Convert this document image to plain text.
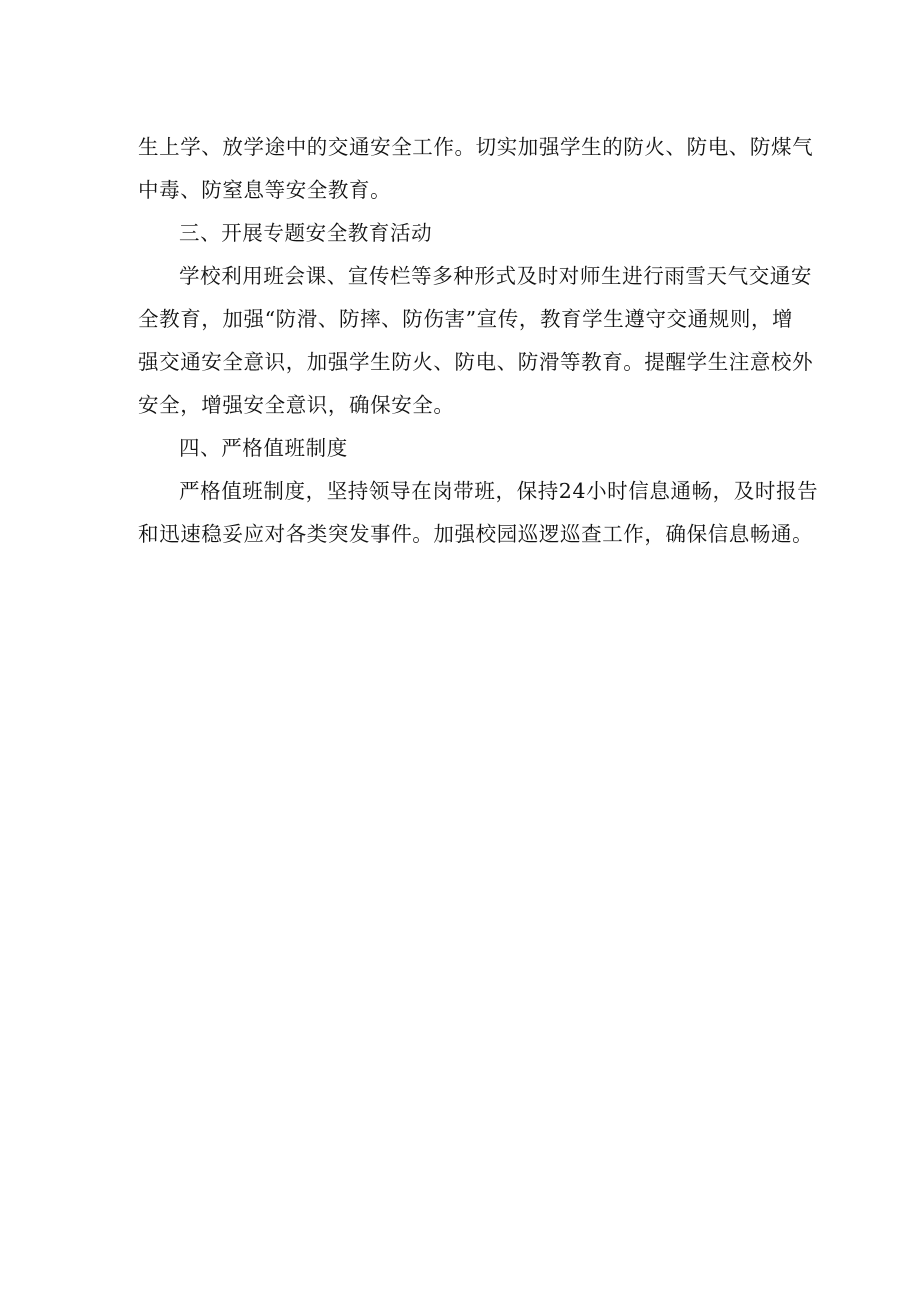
生上学、放学途中的交通安全工作。切实加强学生的防火、防电、防煤气
中毒、防窒息等安全教育。
三、开展专题安全教育活动
学校利用班会课、宣传栏等多种形式及时对师生进行雨雪天气交通安
全教育，加强“防滑、防摔、防伤害”宣传，教育学生遵守交通规则，增
强交通安全意识，加强学生防火、防电、防滑等教育。提醒学生注意校外
安全，增强安全意识，确保安全。
四、严格值班制度
严格值班制度，坚持领导在岗带班，保持24小时信息通畅，及时报告
和迅速稳妥应对各类突发事件。加强校园巡逻巡查工作，确保信息畅通。
